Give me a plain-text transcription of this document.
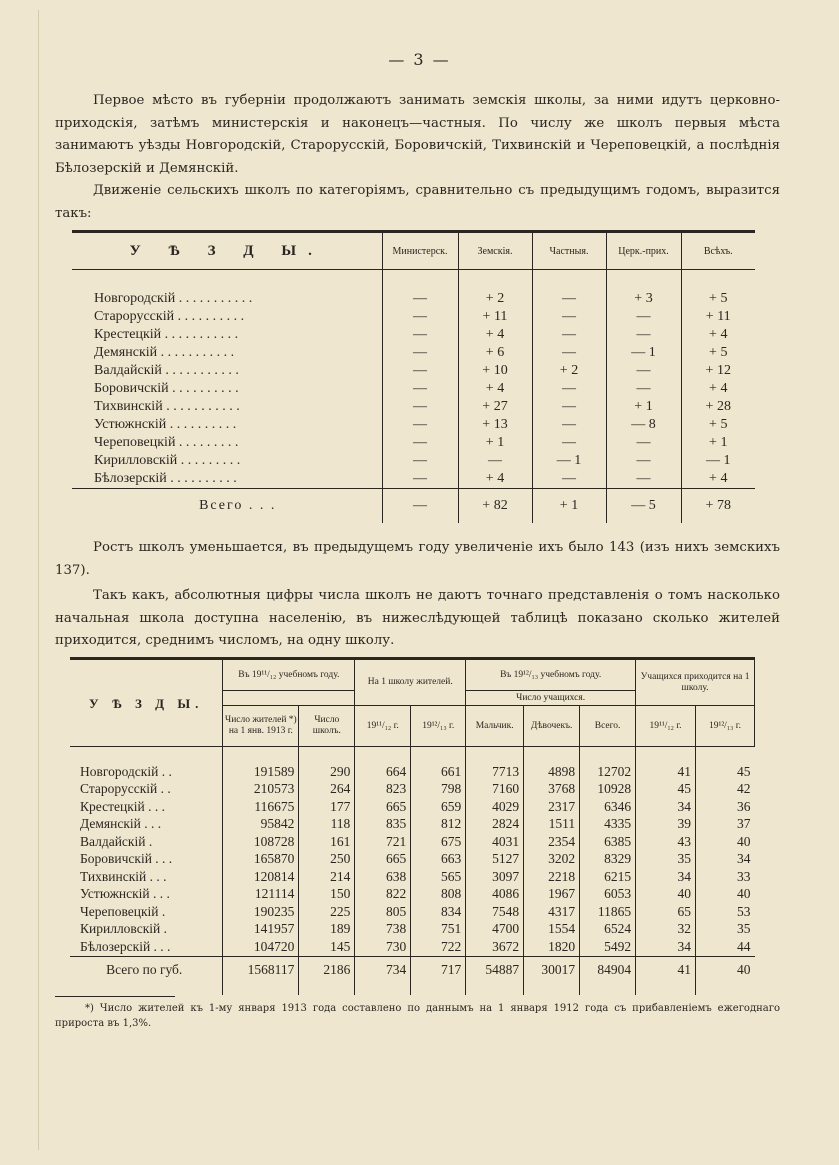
— 3 —
Первое мѣсто въ губерніи продолжаютъ занимать земскія школы, за ними идутъ церковно-приходскія, затѣмъ министерскія и наконецъ—частныя. По числу же школъ первыя мѣста занимаютъ уѣзды Новгородскій, Старорусскій, Боровичскій, Тихвинскій и Череповецкій, а послѣднія Бѣлозерскій и Демянскій.
Движеніе сельскихъ школъ по категоріямъ, сравнительно съ предыдущимъ годомъ, выразится такъ:
У Ѣ З Д Ы.	Министерск.	Земскія.	Частныя.	Церк.-прих.	Всѣхъ.

Новгородскій . . . . . . . . . . .	—	+ 2	—	+ 3	+ 5
Старорусскій . . . . . . . . . .	—	+ 11	—	—	+ 11
Крестецкій . . . . . . . . . . .	—	+ 4	—	—	+ 4
Демянскій . . . . . . . . . . .	—	+ 6	—	— 1	+ 5
Валдайскій . . . . . . . . . . .	—	+ 10	+ 2	—	+ 12
Боровичскій . . . . . . . . . .	—	+ 4	—	—	+ 4
Тихвинскій . . . . . . . . . . .	—	+ 27	—	+ 1	+ 28
Устюжнскій . . . . . . . . . .	—	+ 13	—	— 8	+ 5
Череповецкій . . . . . . . . .	—	+ 1	—	—	+ 1
Кирилловскій . . . . . . . . .	—	—	— 1	—	— 1
Бѣлозерскій . . . . . . . . . .	—	+ 4	—	—	+ 4
Всего . . .	—	+ 82	+ 1	— 5	+ 78
Ростъ школъ уменьшается, въ предыдущемъ году увеличеніе ихъ было 143 (изъ нихъ земскихъ 137).
Такъ какъ, абсолютныя цифры числа школъ не даютъ точнаго представленія о томъ насколько начальная школа доступна населенію, въ нижеслѣдующей таблицѣ показано сколько жителей приходится, среднимъ числомъ, на одну школу.
У Ѣ З Д Ы.	Въ 19¹¹/₁₂ учебномъ году.		На 1 школу жителей.		Въ 19¹²/₁₃ учебномъ году.			Учащихся приходится на 1 школу.	
					Число учащихся.				
	Число жителей *) на 1 янв. 1913 г.	Число школъ.	19¹¹/₁₂ г.	19¹²/₁₃ г.	Мальчик.	Дѣвочекъ.	Всего.	19¹¹/₁₂ г.	19¹²/₁₃ г.

Новгородскій . .	191589	290	664	661	7713	4898	12702	41	45
Старорусскій . .	210573	264	823	798	7160	3768	10928	45	42
Крестецкій . . .	116675	177	665	659	4029	2317	6346	34	36
Демянскій . . .	95842	118	835	812	2824	1511	4335	39	37
Валдайскій .	108728	161	721	675	4031	2354	6385	43	40
Боровичскій . . .	165870	250	665	663	5127	3202	8329	35	34
Тихвинскій . . .	120814	214	638	565	3097	2218	6215	34	33
Устюжнскій . . .	121114	150	822	808	4086	1967	6053	40	40
Череповецкій .	190235	225	805	834	7548	4317	11865	65	53
Кирилловскій .	141957	189	738	751	4700	1554	6524	32	35
Бѣлозерскій . . .	104720	145	730	722	3672	1820	5492	34	44
Всего по губ.	1568117	2186	734	717	54887	30017	84904	41	40

*) Число жителей къ 1-му января 1913 года составлено по даннымъ на 1 января 1912 года съ прибавленіемъ ежегоднаго прироста въ 1,3%.
